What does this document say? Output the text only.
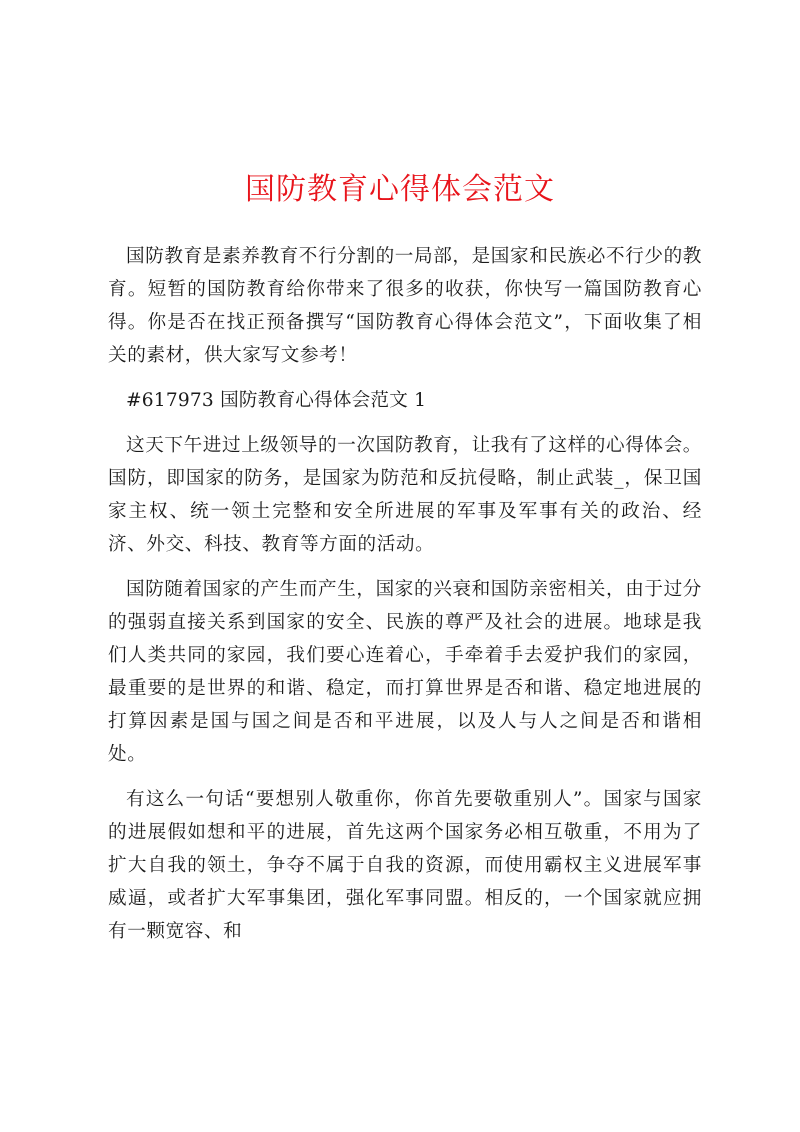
国防教育心得体会范文

国防教育是素养教育不行分割的一局部，是国家和民族必不行少的教育。短暂的国防教育给你带来了很多的收获，你快写一篇国防教育心得。你是否在找正预备撰写“国防教育心得体会范文”，下面收集了相关的素材，供大家写文参考！

#617973 国防教育心得体会范文 1

这天下午进过上级领导的一次国防教育，让我有了这样的心得体会。国防，即国家的防务，是国家为防范和反抗侵略，制止武装_，保卫国家主权、统一领土完整和安全所进展的军事及军事有关的政治、经济、外交、科技、教育等方面的活动。

国防随着国家的产生而产生，国家的兴衰和国防亲密相关，由于过分的强弱直接关系到国家的安全、民族的尊严及社会的进展。地球是我们人类共同的家园，我们要心连着心，手牵着手去爱护我们的家园，最重要的是世界的和谐、稳定，而打算世界是否和谐、稳定地进展的打算因素是国与国之间是否和平进展，以及人与人之间是否和谐相处。

有这么一句话“要想别人敬重你，你首先要敬重别人”。国家与国家的进展假如想和平的进展，首先这两个国家务必相互敬重，不用为了扩大自我的领土，争夺不属于自我的资源，而使用霸权主义进展军事威逼，或者扩大军事集团，强化军事同盟。相反的，一个国家就应拥有一颗宽容、和
